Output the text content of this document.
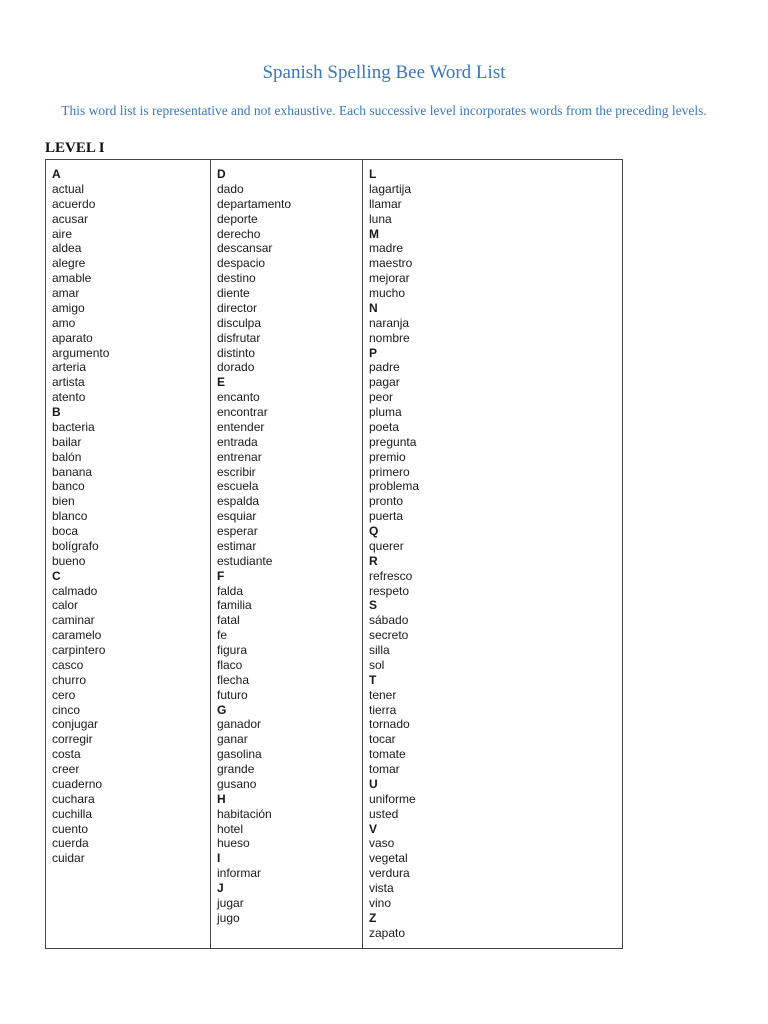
Spanish Spelling Bee Word List
This word list is representative and not exhaustive. Each successive level incorporates words from the preceding levels.
LEVEL I
A
actual
acuerdo
acusar
aire
aldea
alegre
amable
amar
amigo
amo
aparato
argumento
arteria
artista
atento
B
bacteria
bailar
balón
banana
banco
bien
blanco
boca
bolígrafo
bueno
C
calmado
calor
caminar
caramelo
carpintero
casco
churro
cero
cinco
conjugar
corregir
costa
creer
cuaderno
cuchara
cuchilla
cuento
cuerda
cuidar
D
dado
departamento
deporte
derecho
descansar
despacio
destino
diente
director
disculpa
disfrutar
distinto
dorado
E
encanto
encontrar
entender
entrada
entrenar
escribir
escuela
espalda
esquiar
esperar
estimar
estudiante
F
falda
familia
fatal
fe
figura
flaco
flecha
futuro
G
ganador
ganar
gasolina
grande
gusano
H
habitación
hotel
hueso
I
informar
J
jugar
jugo
L
lagartija
llamar
luna
M
madre
maestro
mejorar
mucho
N
naranja
nombre
P
padre
pagar
peor
pluma
poeta
pregunta
premio
primero
problema
pronto
puerta
Q
querer
R
refresco
respeto
S
sábado
secreto
silla
sol
T
tener
tierra
tornado
tocar
tomate
tomar
U
uniforme
usted
V
vaso
vegetal
verdura
vista
vino
Z
zapato
